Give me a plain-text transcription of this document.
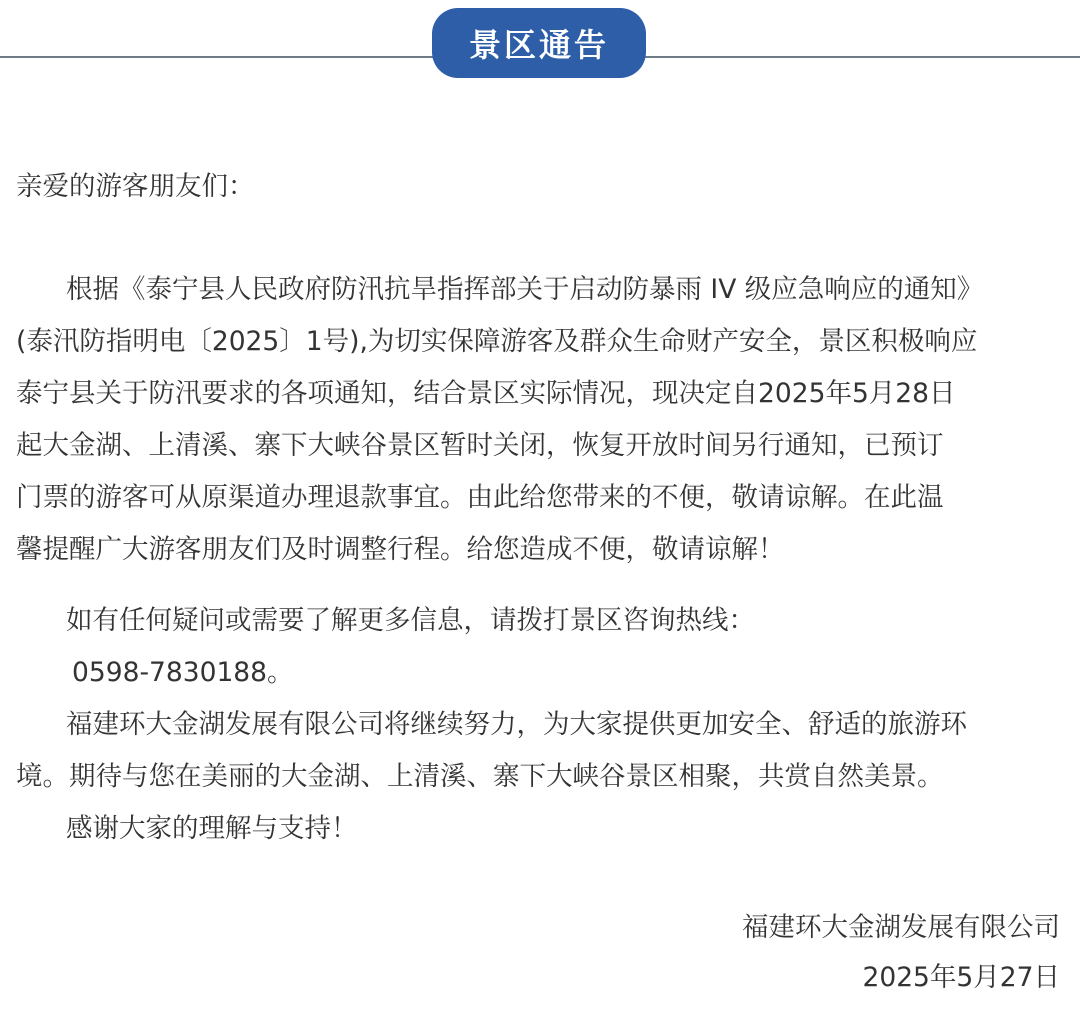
景区通告
亲爱的游客朋友们：
根据《泰宁县人民政府防汛抗旱指挥部关于启动防暴雨 IV 级应急响应的通知》
(泰汛防指明电〔2025〕1号),为切实保障游客及群众生命财产安全，景区积极响应
泰宁县关于防汛要求的各项通知，结合景区实际情况，现决定自2025年5月28日
起大金湖、上清溪、寨下大峡谷景区暂时关闭，恢复开放时间另行通知，已预订
门票的游客可从原渠道办理退款事宜。由此给您带来的不便，敬请谅解。在此温
馨提醒广大游客朋友们及时调整行程。给您造成不便，敬请谅解！
如有任何疑问或需要了解更多信息，请拨打景区咨询热线：
0598-7830188。
福建环大金湖发展有限公司将继续努力，为大家提供更加安全、舒适的旅游环
境。期待与您在美丽的大金湖、上清溪、寨下大峡谷景区相聚，共赏自然美景。
感谢大家的理解与支持！
福建环大金湖发展有限公司
2025年5月27日
